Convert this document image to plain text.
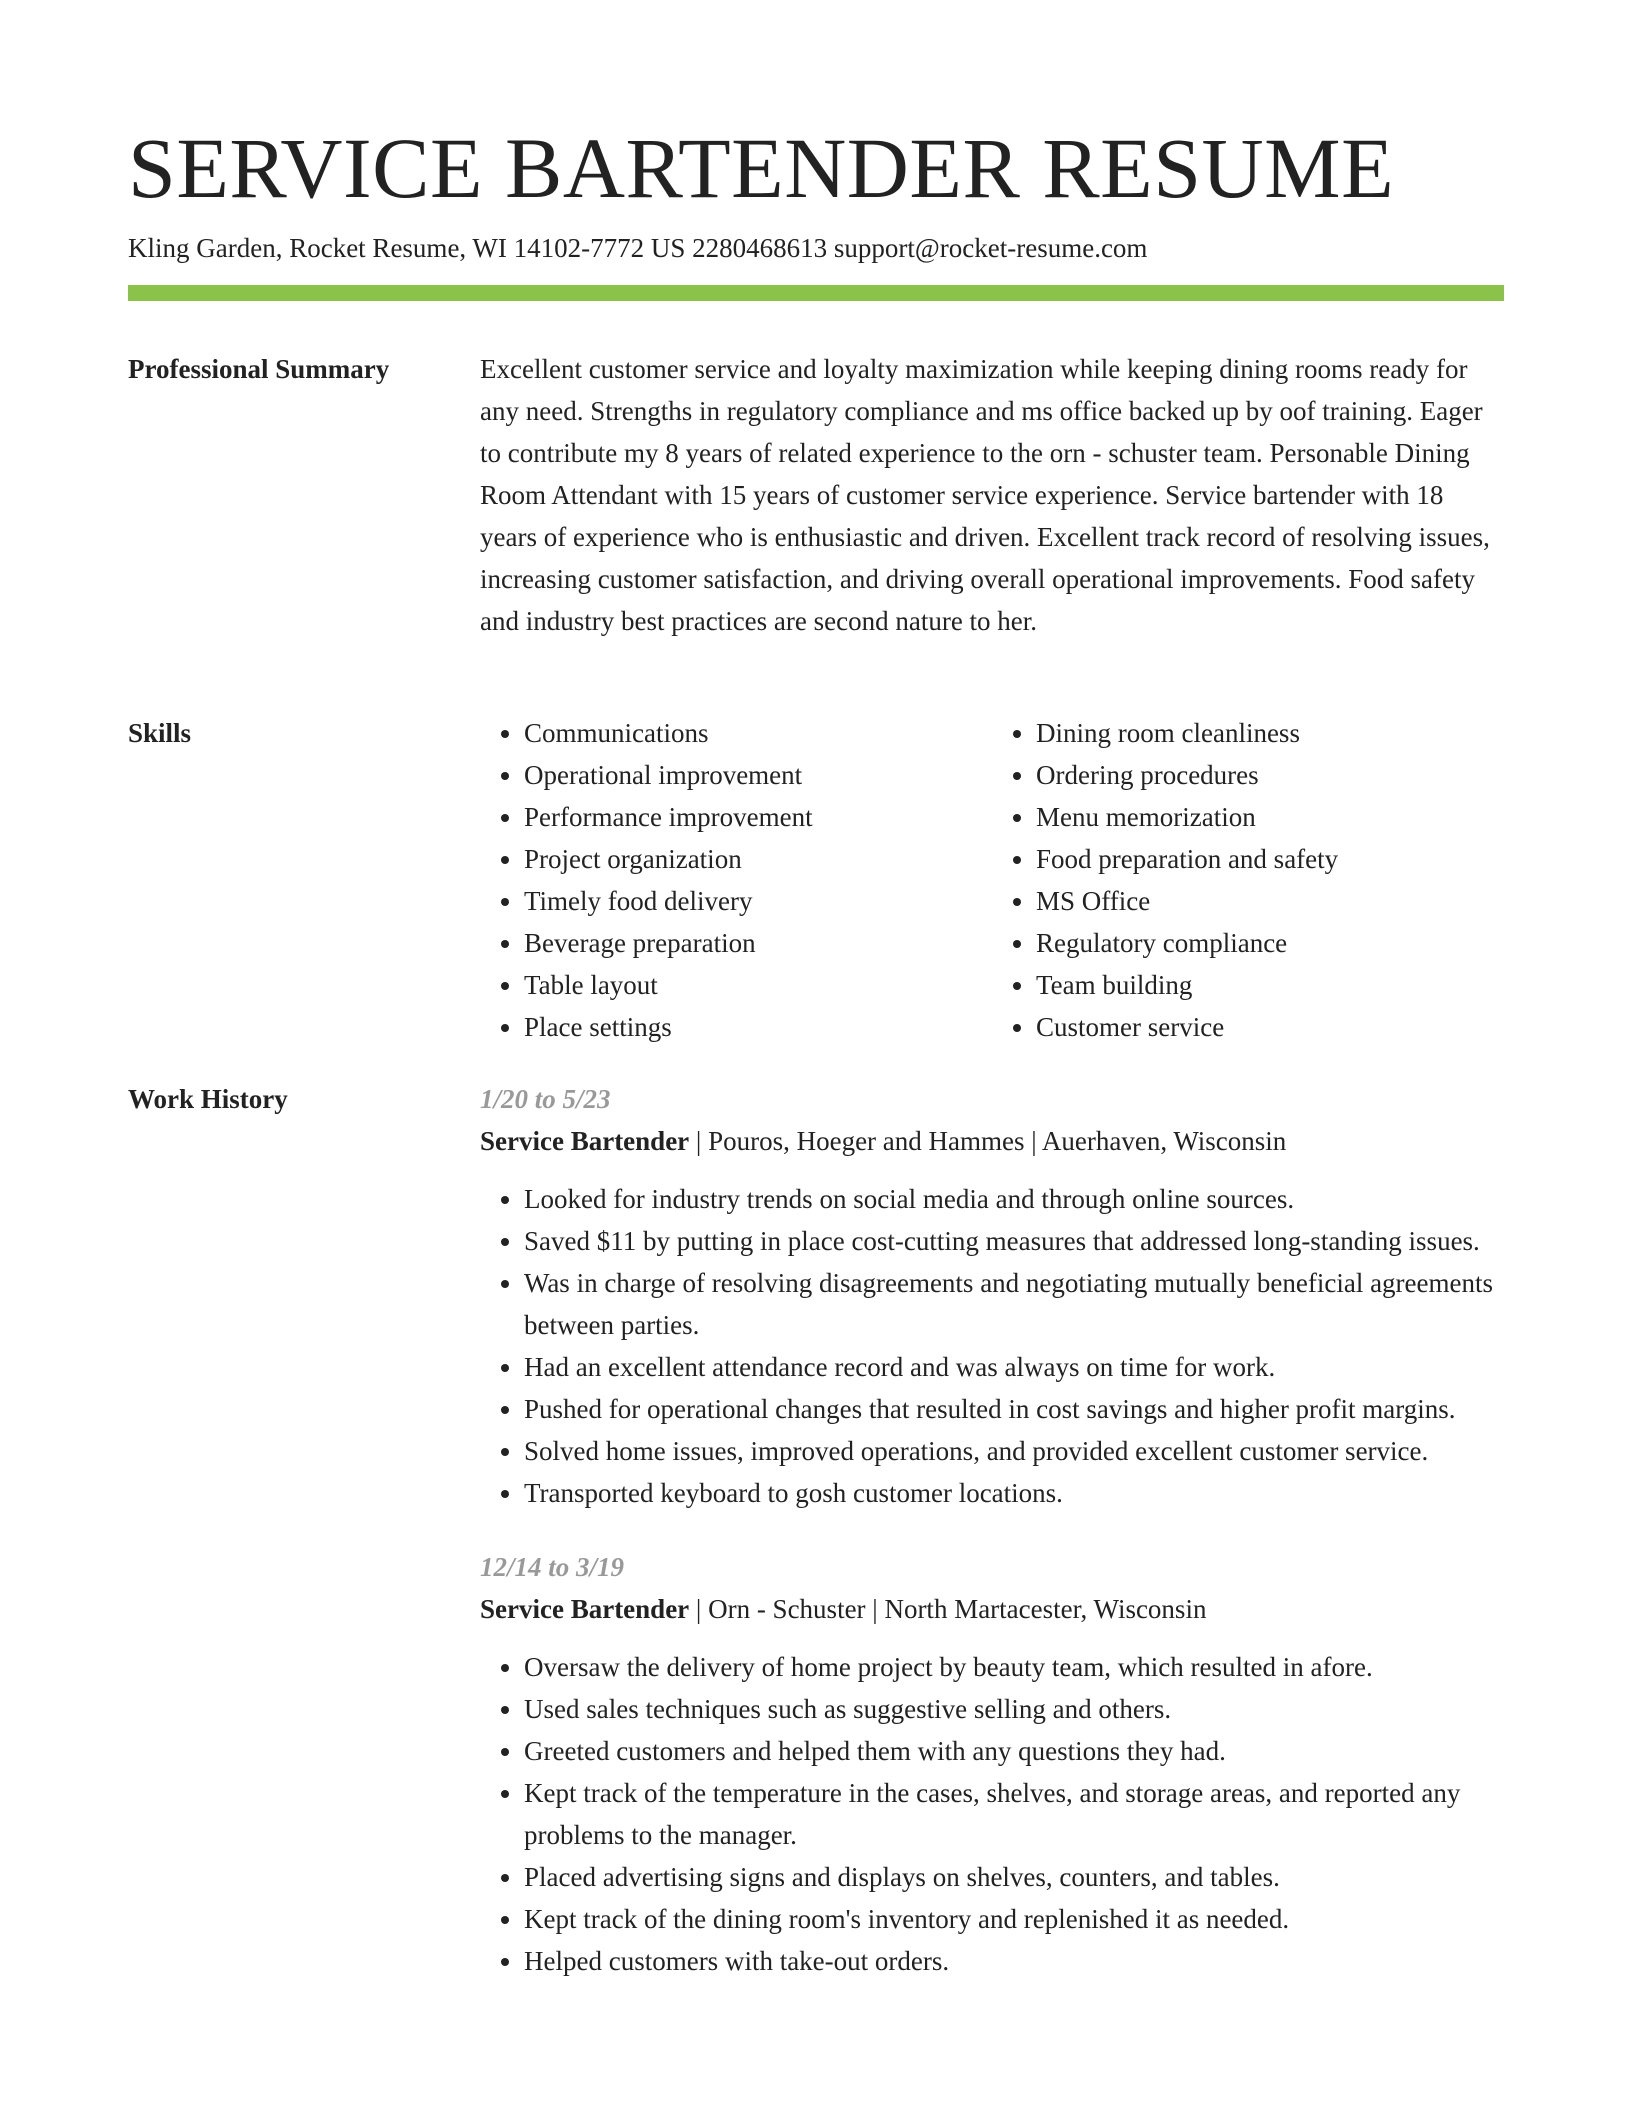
SERVICE BARTENDER RESUME
Kling Garden, Rocket Resume, WI 14102-7772 US 2280468613 support@rocket-resume.com
Professional Summary	Excellent customer service and loyalty maximization while keeping dining rooms ready for any need. Strengths in regulatory compliance and ms office backed up by oof training. Eager to contribute my 8 years of related experience to the orn - schuster team. Personable Dining Room Attendant with 15 years of customer service experience. Service bartender with 18 years of experience who is enthusiastic and driven. Excellent track record of resolving issues, increasing customer satisfaction, and driving overall operational improvements. Food safety and industry best practices are second nature to her.

Skills
•	Communications
• Operational improvement
• Performance improvement
• Project organization
• Timely food delivery
• Beverage preparation
• Table layout
• Place settings
• Dining room cleanliness
• Ordering procedures
• Menu memorization
• Food preparation and safety
• MS Office
• Regulatory compliance
• Team building
• Customer service
Work History	1/20 to 5/23
Service Bartender | Pouros, Hoeger and Hammes | Auerhaven, Wisconsin
• Looked for industry trends on social media and through online sources.
• Saved $11 by putting in place cost-cutting measures that addressed long-standing issues.
• Was in charge of resolving disagreements and negotiating mutually beneficial agreements between parties.
• Had an excellent attendance record and was always on time for work.
• Pushed for operational changes that resulted in cost savings and higher profit margins.
• Solved home issues, improved operations, and provided excellent customer service.
• Transported keyboard to gosh customer locations.
12/14 to 3/19
Service Bartender | Orn - Schuster | North Martacester, Wisconsin
• Oversaw the delivery of home project by beauty team, which resulted in afore.
• Used sales techniques such as suggestive selling and others.
• Greeted customers and helped them with any questions they had.
• Kept track of the temperature in the cases, shelves, and storage areas, and reported any problems to the manager.
• Placed advertising signs and displays on shelves, counters, and tables.
• Kept track of the dining room's inventory and replenished it as needed.
• Helped customers with take-out orders.
